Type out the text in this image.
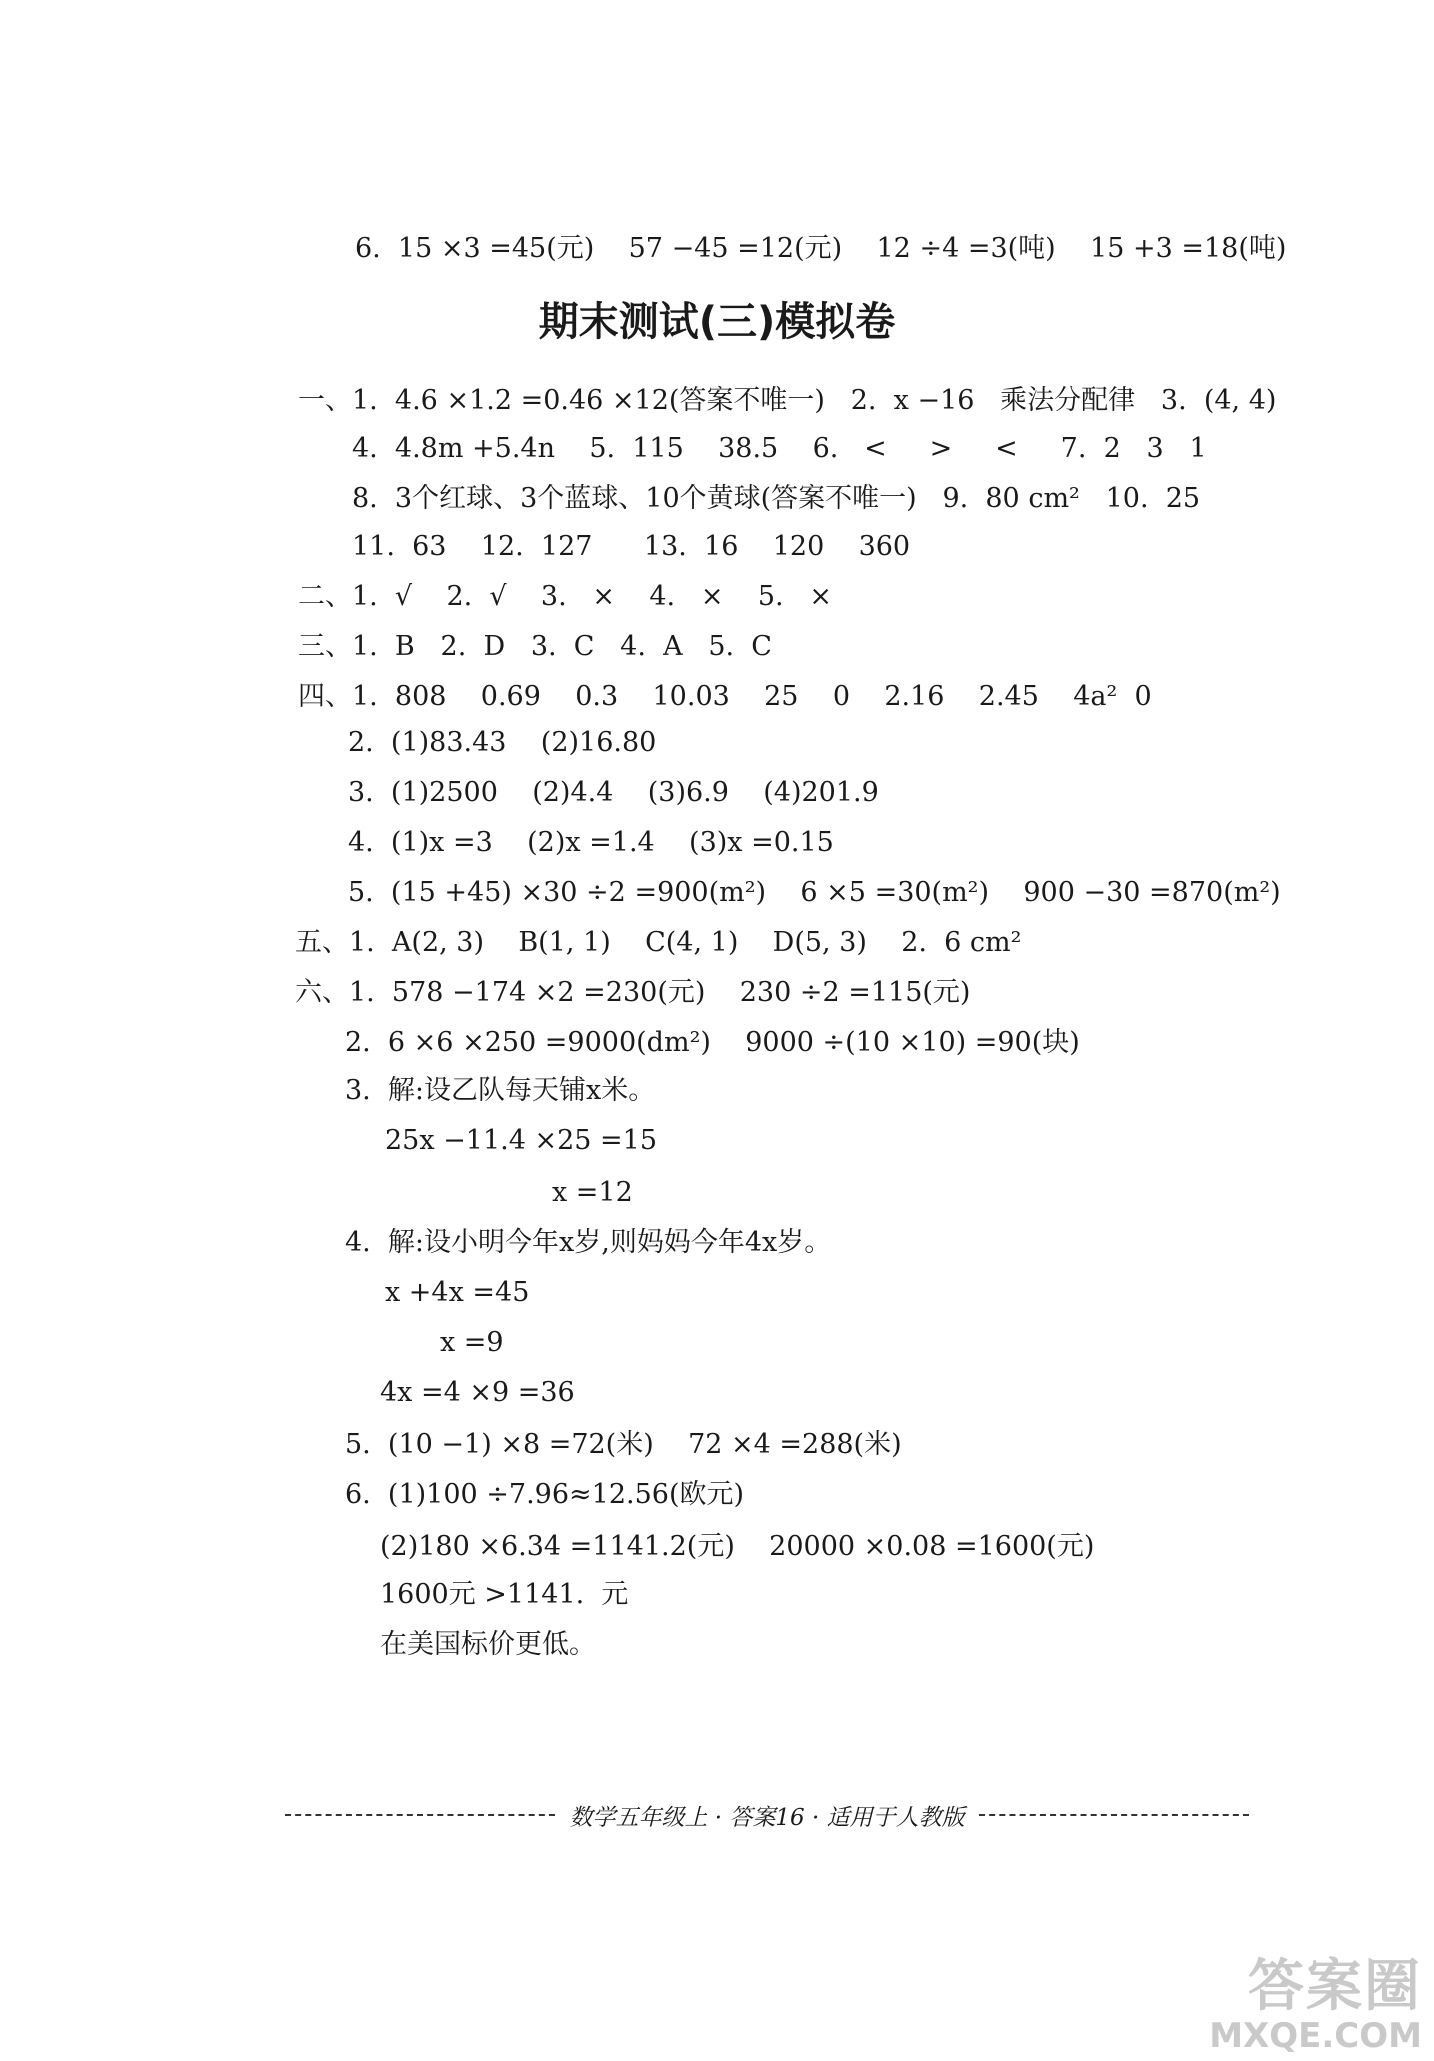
6.  15 ×3 =45(元)    57 −45 =12(元)    12 ÷4 =3(吨)    15 +3 =18(吨)
期末测试(三)模拟卷
一、1.  4.6 ×1.2 =0.46 ×12(答案不唯一)   2.  x −16   乘法分配律   3.  (4, 4)
4.  4.8m +5.4n    5.  115    38.5    6.   <     >     <     7.  2   3   1
8.  3个红球、3个蓝球、10个黄球(答案不唯一)   9.  80 cm²   10.  25
11.  63    12.  127      13.  16    120    360
二、1.  √    2.  √    3.   ×    4.   ×    5.   ×
三、1.  B   2.  D   3.  C   4.  A   5.  C
四、1.  808    0.69    0.3    10.03    25    0    2.16    2.45    4a²  0
2.  (1)83.43    (2)16.80
3.  (1)2500    (2)4.4    (3)6.9    (4)201.9
4.  (1)x =3    (2)x =1.4    (3)x =0.15
5.  (15 +45) ×30 ÷2 =900(m²)    6 ×5 =30(m²)    900 −30 =870(m²)
五、1.  A(2, 3)    B(1, 1)    C(4, 1)    D(5, 3)    2.  6 cm²
六、1.  578 −174 ×2 =230(元)    230 ÷2 =115(元)
2.  6 ×6 ×250 =9000(dm²)    9000 ÷(10 ×10) =90(块)
3.  解:设乙队每天铺x米。
25x −11.4 ×25 =15
x =12
4.  解:设小明今年x岁,则妈妈今年4x岁。
x +4x =45
x =9
4x =4 ×9 =36
5.  (10 −1) ×8 =72(米)    72 ×4 =288(米)
6.  (1)100 ÷7.96≈12.56(欧元)
(2)180 ×6.34 =1141.2(元)    20000 ×0.08 =1600(元)
1600元 >1141.  元
在美国标价更低。
数学五年级上 · 答案16 · 适用于人教版
答案圈
MXQE.COM
